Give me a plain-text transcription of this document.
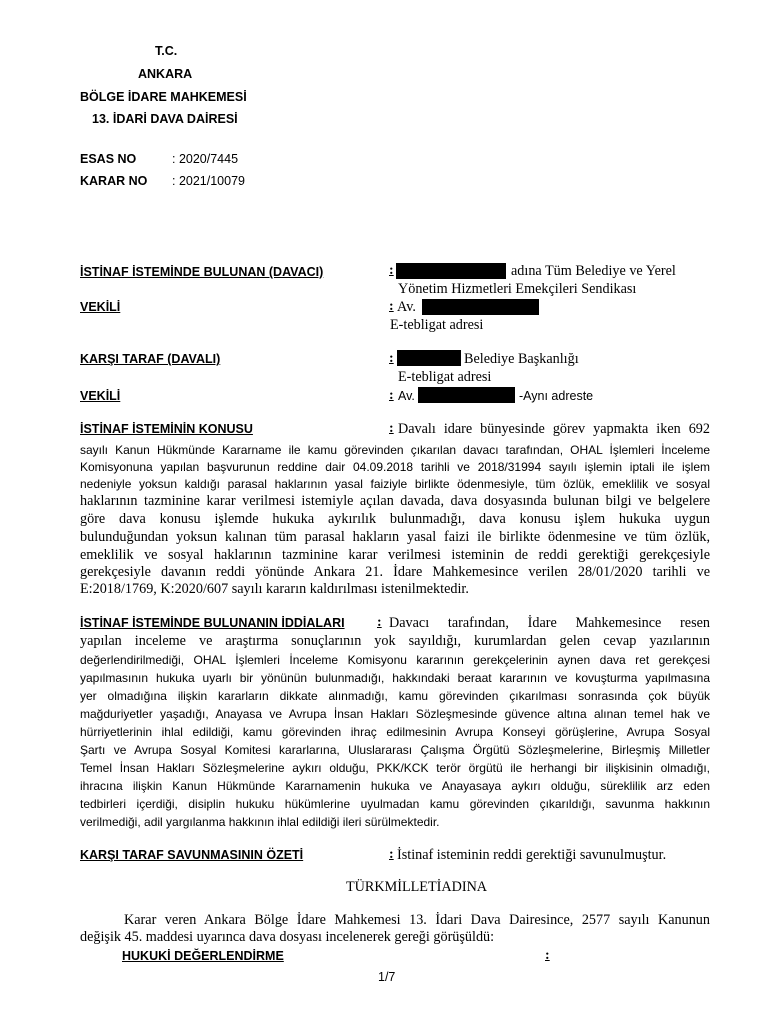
T.C.
ANKARA
BÖLGE İDARE MAHKEMESİ
13. İDARİ DAVA DAİRESİ
ESAS NO	: 2020/7445
KARAR NO : 2021/10079
İSTİNAF İSTEMİNDE BULUNAN (DAVACI)	:	adına Tüm Belediye ve Yerel
Yönetim Hizmetleri Emekçileri Sendikası
VEKİLİ	: Av.
E-tebligat adresi
KARŞI TARAF (DAVALI)	:	Belediye Başkanlığı
E-tebligat adresi
VEKİLİ	: Av.	-Aynı adreste
İSTİNAF İSTEMİNİN KONUSU	: Davalı idare bünyesinde görev yapmakta iken 692
sayılı Kanun Hükmünde Kararname ile kamu görevinden çıkarılan davacı tarafından, OHAL İşlemleri İnceleme
Komisyonuna yapılan başvurunun reddine dair 04.09.2018 tarihli ve 2018/31994 sayılı işlemin iptali ile işlem
nedeniyle yoksun kaldığı parasal haklarının yasal faiziyle birlikte ödenmesiyle, tüm özlük, emeklilik ve sosyal
haklarının tazminine karar verilmesi istemiyle açılan davada, dava dosyasında bulunan bilgi ve belgelere
göre dava konusu işlemde hukuka aykırılık bulunmadığı, dava konusu işlem hukuka uygun
bulunduğundan yoksun kalınan tüm parasal hakların yasal faizi ile birlikte ödenmesine ve tüm özlük,
emeklilik ve sosyal haklarının tazminine karar verilmesi isteminin de reddi gerektiği gerekçesiyle
gerekçesiyle davanın reddi yönünde Ankara 21. İdare Mahkemesince verilen 28/01/2020 tarihli ve
E:2018/1769, K:2020/607 sayılı kararın kaldırılması istenilmektedir.
İSTİNAF İSTEMİNDE BULUNANIN İDDİALARI : Davacı tarafından, İdare Mahkemesince resen
yapılan inceleme ve araştırma sonuçlarının yok sayıldığı, kurumlardan gelen cevap yazılarının
değerlendirilmediği, OHAL İşlemleri İnceleme Komisyonu kararının gerekçelerinin aynen dava ret gerekçesi
yapılmasının hukuka uyarlı bir yönünün bulunmadığı, hakkındaki beraat kararının ve kovuşturma yapılmasına
yer olmadığına ilişkin kararların dikkate alınmadığı, kamu görevinden çıkarılması sonrasında çok büyük
mağduriyetler yaşadığı, Anayasa ve Avrupa İnsan Hakları Sözleşmesinde güvence altına alınan temel hak ve
hürriyetlerinin ihlal edildiği, kamu görevinden ihraç edilmesinin Avrupa Konseyi görüşlerine, Avrupa Sosyal
Şartı ve Avrupa Sosyal Komitesi kararlarına, Uluslararası Çalışma Örgütü Sözleşmelerine, Birleşmiş Milletler
Temel İnsan Hakları Sözleşmelerine aykırı olduğu, PKK/KCK terör örgütü ile herhangi bir ilişkisinin olmadığı,
ihracına ilişkin Kanun Hükmünde Kararnamenin hukuka ve Anayasaya aykırı olduğu, süreklilik arz eden
tedbirleri içerdiği, disiplin hukuku hükümlerine uyulmadan kamu görevinden çıkarıldığı, savunma hakkının
verilmediği, adil yargılanma hakkının ihlal edildiği ileri sürülmektedir.
KARŞI TARAF SAVUNMASININ ÖZETİ	: İstinaf isteminin reddi gerektiği savunulmuştur.
TÜRKMİLLETİADINA
Karar veren Ankara Bölge İdare Mahkemesi 13. İdari Dava Dairesince, 2577 sayılı Kanunun
değişik 45. maddesi uyarınca dava dosyası incelenerek gereği görüşüldü:
HUKUKİ DEĞERLENDİRME	:
1/7
